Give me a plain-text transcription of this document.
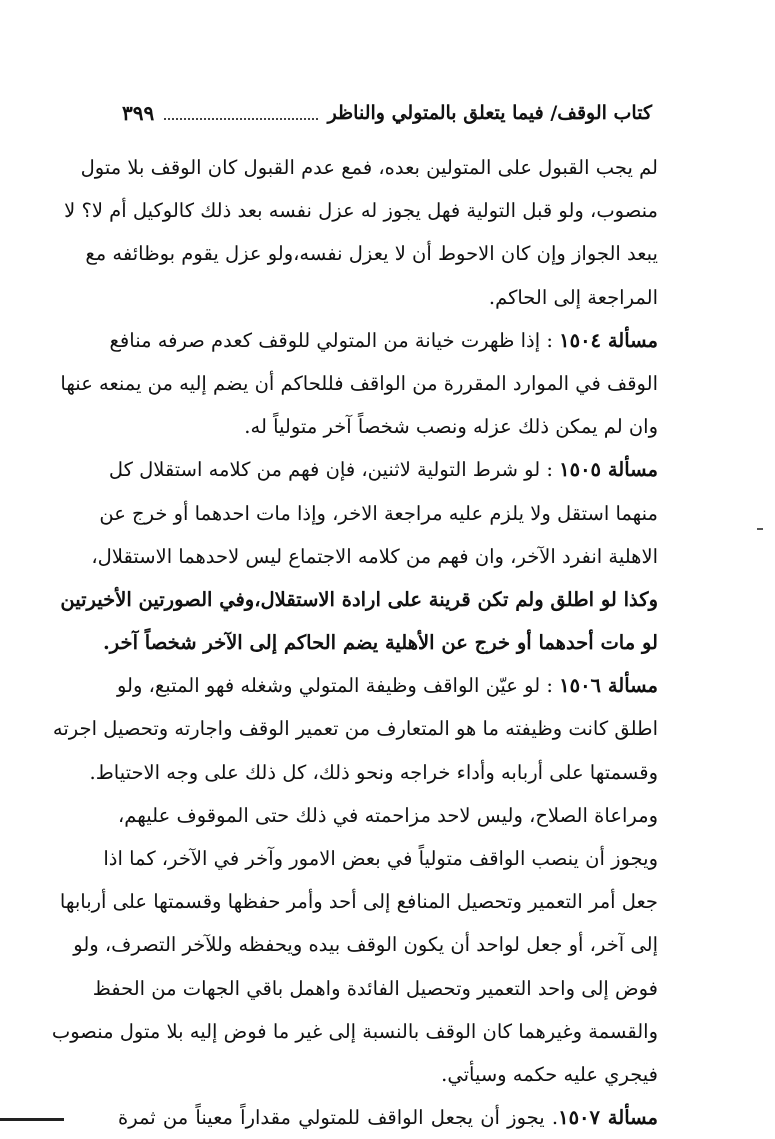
كتاب الوقف/ فيما يتعلق بالمتولي والناظر
٣٩٩
لم يجب القبول على المتولين بعده، فمع عدم القبول كان الوقف بلا متول
منصوب، ولو قبل التولية فهل يجوز له عزل نفسه بعد ذلك كالوكيل أم لا؟ لا
يبعد الجواز وإن كان الاحوط أن لا يعزل نفسه،ولو عزل يقوم بوظائفه مع
المراجعة إلى الحاكم.
مسألة ١٥٠٤ : إذا ظهرت خيانة من المتولي للوقف كعدم صرفه منافع
الوقف في الموارد المقررة من الواقف فللحاكم أن يضم إليه من يمنعه عنها
وان لم يمكن ذلك عزله ونصب شخصاً آخر متولياً له.
مسألة ١٥٠٥ : لو شرط التولية لاثنين، فإن فهم من كلامه استقلال كل
منهما استقل ولا يلزم عليه مراجعة الاخر، وإذا مات احدهما أو خرج عن
الاهلية انفرد الآخر، وان فهم من كلامه الاجتماع ليس لاحدهما الاستقلال،
وكذا لو اطلق ولم تكن قرينة على ارادة الاستقلال،وفي الصورتين الأخيرتين
لو مات أحدهما أو خرج عن الأهلية يضم الحاكم إلى الآخر شخصاً آخر.
مسألة ١٥٠٦ : لو عيّن الواقف وظيفة المتولي وشغله فهو المتبع، ولو
اطلق كانت وظيفته ما هو المتعارف من تعمير الوقف واجارته وتحصيل اجرته
وقسمتها على أربابه وأداء خراجه ونحو ذلك، كل ذلك على وجه الاحتياط.
ومراعاة الصلاح، وليس لاحد مزاحمته في ذلك حتى الموقوف عليهم،
ويجوز أن ينصب الواقف متولياً في بعض الامور وآخر في الآخر، كما اذا
جعل أمر التعمير وتحصيل المنافع إلى أحد وأمر حفظها وقسمتها على أربابها
إلى آخر، أو جعل لواحد أن يكون الوقف بيده ويحفظه وللآخر التصرف، ولو
فوض إلى واحد التعمير وتحصيل الفائدة واهمل باقي الجهات من الحفظ
والقسمة وغيرهما كان الوقف بالنسبة إلى غير ما فوض إليه بلا متول منصوب
فيجري عليه حكمه وسيأتي.
مسألة ١٥٠٧. يجوز أن يجعل الواقف للمتولي مقداراً معيناً من ثمرة
